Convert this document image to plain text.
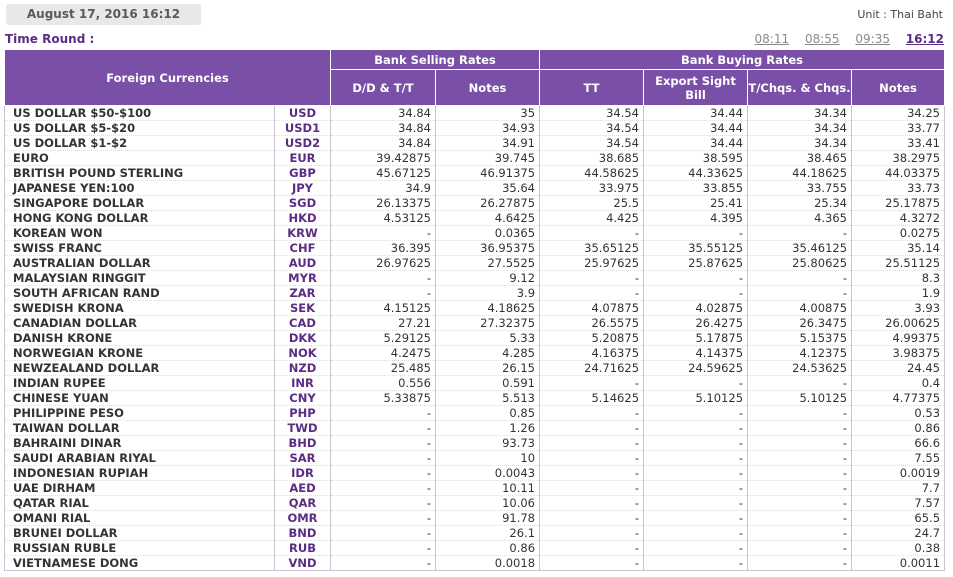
August 17, 2016 16:12	Unit : Thai Baht
Time Round :	08:11 08:55 09:35 16:12
Foreign Currencies		Bank Selling Rates		Bank Buying Rates			
		D/D & T/T	Notes	TT	Export Sight Bill	T/Chqs. & Chqs.	Notes
US DOLLAR $50-$100	USD	34.84	35	34.54	34.44	34.34	34.25
US DOLLAR $5-$20	USD1	34.84	34.93	34.54	34.44	34.34	33.77
US DOLLAR $1-$2	USD2	34.84	34.91	34.54	34.44	34.34	33.41
EURO	EUR	39.42875	39.745	38.685	38.595	38.465	38.2975
BRITISH POUND STERLING	GBP	45.67125	46.91375	44.58625	44.33625	44.18625	44.03375
JAPANESE YEN:100	JPY	34.9	35.64	33.975	33.855	33.755	33.73
SINGAPORE DOLLAR	SGD	26.13375	26.27875	25.5	25.41	25.34	25.17875
HONG KONG DOLLAR	HKD	4.53125	4.6425	4.425	4.395	4.365	4.3272
KOREAN WON	KRW	-	0.0365	-	-	-	0.0275
SWISS FRANC	CHF	36.395	36.95375	35.65125	35.55125	35.46125	35.14
AUSTRALIAN DOLLAR	AUD	26.97625	27.5525	25.97625	25.87625	25.80625	25.51125
MALAYSIAN RINGGIT	MYR	-	9.12	-	-	-	8.3
SOUTH AFRICAN RAND	ZAR	-	3.9	-	-	-	1.9
SWEDISH KRONA	SEK	4.15125	4.18625	4.07875	4.02875	4.00875	3.93
CANADIAN DOLLAR	CAD	27.21	27.32375	26.5575	26.4275	26.3475	26.00625
DANISH KRONE	DKK	5.29125	5.33	5.20875	5.17875	5.15375	4.99375
NORWEGIAN KRONE	NOK	4.2475	4.285	4.16375	4.14375	4.12375	3.98375
NEWZEALAND DOLLAR	NZD	25.485	26.15	24.71625	24.59625	24.53625	24.45
INDIAN RUPEE	INR	0.556	0.591	-	-	-	0.4
CHINESE YUAN	CNY	5.33875	5.513	5.14625	5.10125	5.10125	4.77375
PHILIPPINE PESO	PHP	-	0.85	-	-	-	0.53
TAIWAN DOLLAR	TWD	-	1.26	-	-	-	0.86
BAHRAINI DINAR	BHD	-	93.73	-	-	-	66.6
SAUDI ARABIAN RIYAL	SAR	-	10	-	-	-	7.55
INDONESIAN RUPIAH	IDR	-	0.0043	-	-	-	0.0019
UAE DIRHAM	AED	-	10.11	-	-	-	7.7
QATAR RIAL	QAR	-	10.06	-	-	-	7.57
OMANI RIAL	OMR	-	91.78	-	-	-	65.5
BRUNEI DOLLAR	BND	-	26.1	-	-	-	24.7
RUSSIAN RUBLE	RUB	-	0.86	-	-	-	0.38
VIETNAMESE DONG	VND	-	0.0018	-	-	-	0.0011
